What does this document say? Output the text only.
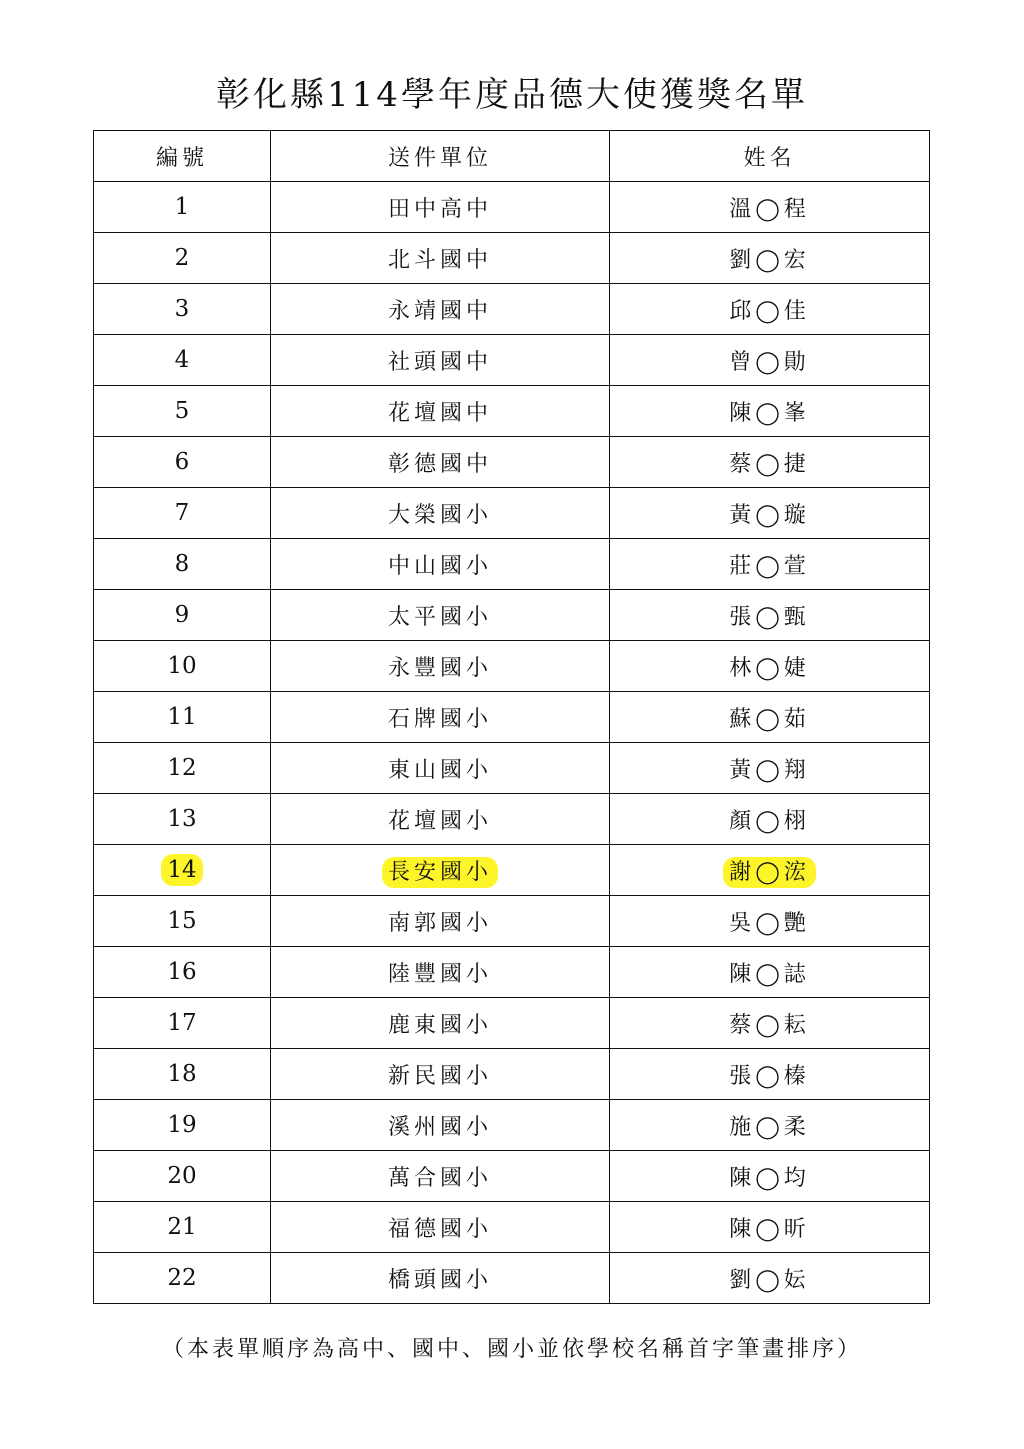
彰化縣114學年度品德大使獲獎名單
編號	送件單位	姓名
1	田中高中	溫◯程
2	北斗國中	劉◯宏
3	永靖國中	邱◯佳
4	社頭國中	曾◯勛
5	花壇國中	陳◯峯
6	彰德國中	蔡◯捷
7	大榮國小	黃◯璇
8	中山國小	莊◯萱
9	太平國小	張◯甄
10	永豐國小	林◯婕
11	石牌國小	蘇◯茹
12	東山國小	黃◯翔
13	花壇國小	顏◯栩
14	長安國小	謝◯浤
15	南郭國小	吳◯艷
16	陸豐國小	陳◯誌
17	鹿東國小	蔡◯耘
18	新民國小	張◯榛
19	溪州國小	施◯柔
20	萬合國小	陳◯均
21	福德國小	陳◯昕
22	橋頭國小	劉◯妘
（本表單順序為高中、國中、國小並依學校名稱首字筆畫排序）
